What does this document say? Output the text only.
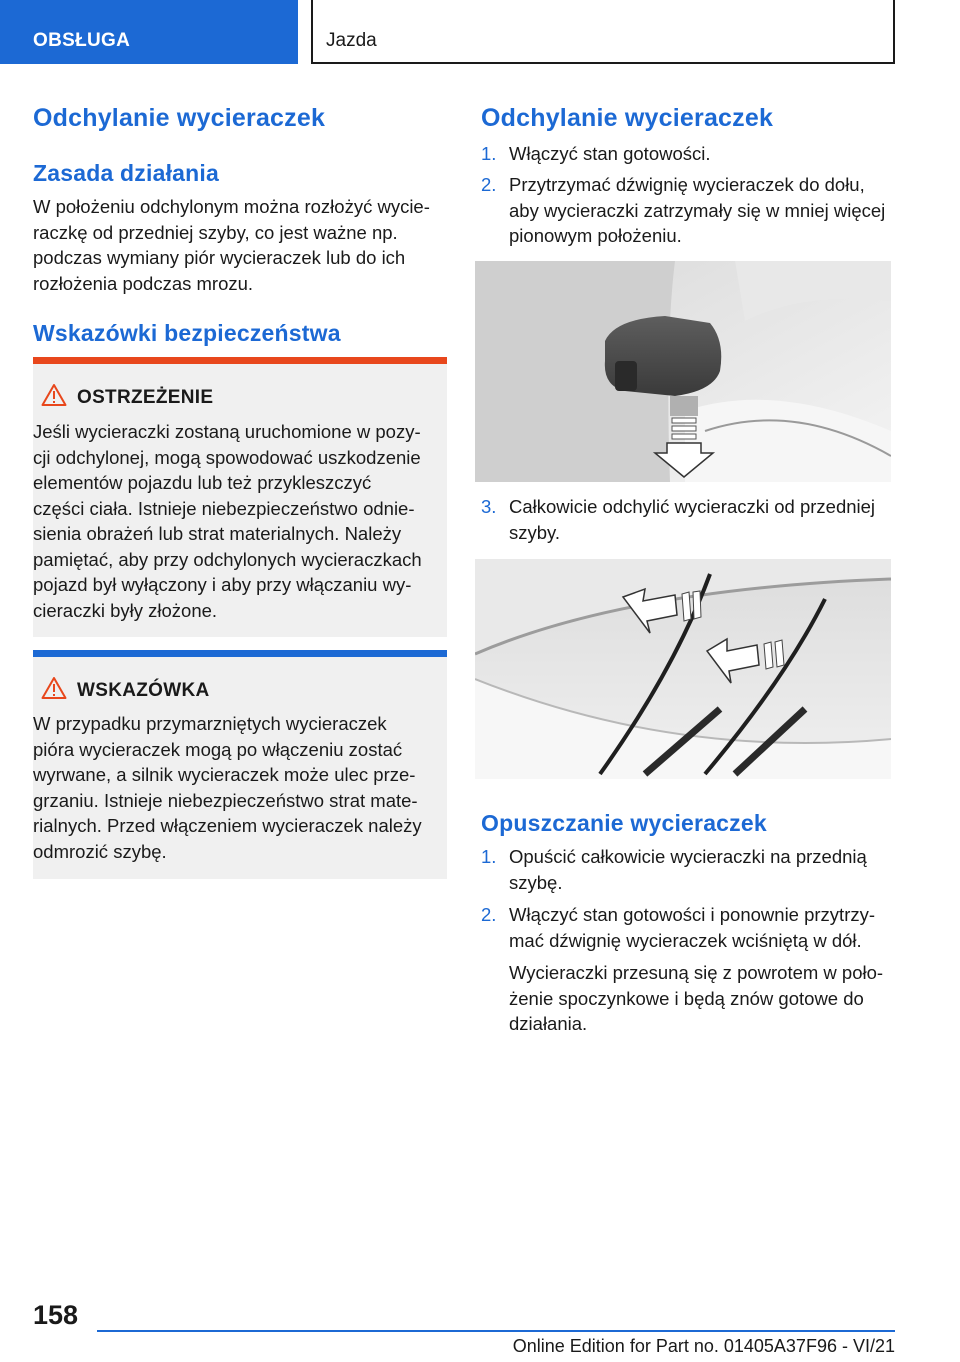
OBSŁUGA	Jazda
Odchylanie wycieraczek
Zasada działania
W położeniu odchylonym można rozłożyć wycie-
raczkę od przedniej szyby, co jest ważne np.
podczas wymiany piór wycieraczek lub do ich
rozłożenia podczas mrozu.
Wskazówki bezpieczeństwa
OSTRZEŻENIE
Jeśli wycieraczki zostaną uruchomione w pozy-
cji odchylonej, mogą spowodować uszkodzenie
elementów pojazdu lub też przykleszczyć
części ciała. Istnieje niebezpieczeństwo odnie-
sienia obrażeń lub strat materialnych. Należy
pamiętać, aby przy odchylonych wycieraczkach
pojazd był wyłączony i aby przy włączaniu wy-
cieraczki były złożone.
WSKAZÓWKA
W przypadku przymarzniętych wycieraczek
pióra wycieraczek mogą po włączeniu zostać
wyrwane, a silnik wycieraczek może ulec prze-
grzaniu. Istnieje niebezpieczeństwo strat mate-
rialnych. Przed włączeniem wycieraczek należy
odmrozić szybę.
Odchylanie wycieraczek
1. Włączyć stan gotowości.
2. Przytrzymać dźwignię wycieraczek do dołu,
aby wycieraczki zatrzymały się w mniej więcej
pionowym położeniu.
3. Całkowicie odchylić wycieraczki od przedniej
szyby.
Opuszczanie wycieraczek
1. Opuścić całkowicie wycieraczki na przednią
szybę.
2. Włączyć stan gotowości i ponownie przytrzy-
mać dźwignię wycieraczek wciśniętą w dół.
Wycieraczki przesuną się z powrotem w poło-
żenie spoczynkowe i będą znów gotowe do
działania.
158
Online Edition for Part no. 01405A37F96 - VI/21
